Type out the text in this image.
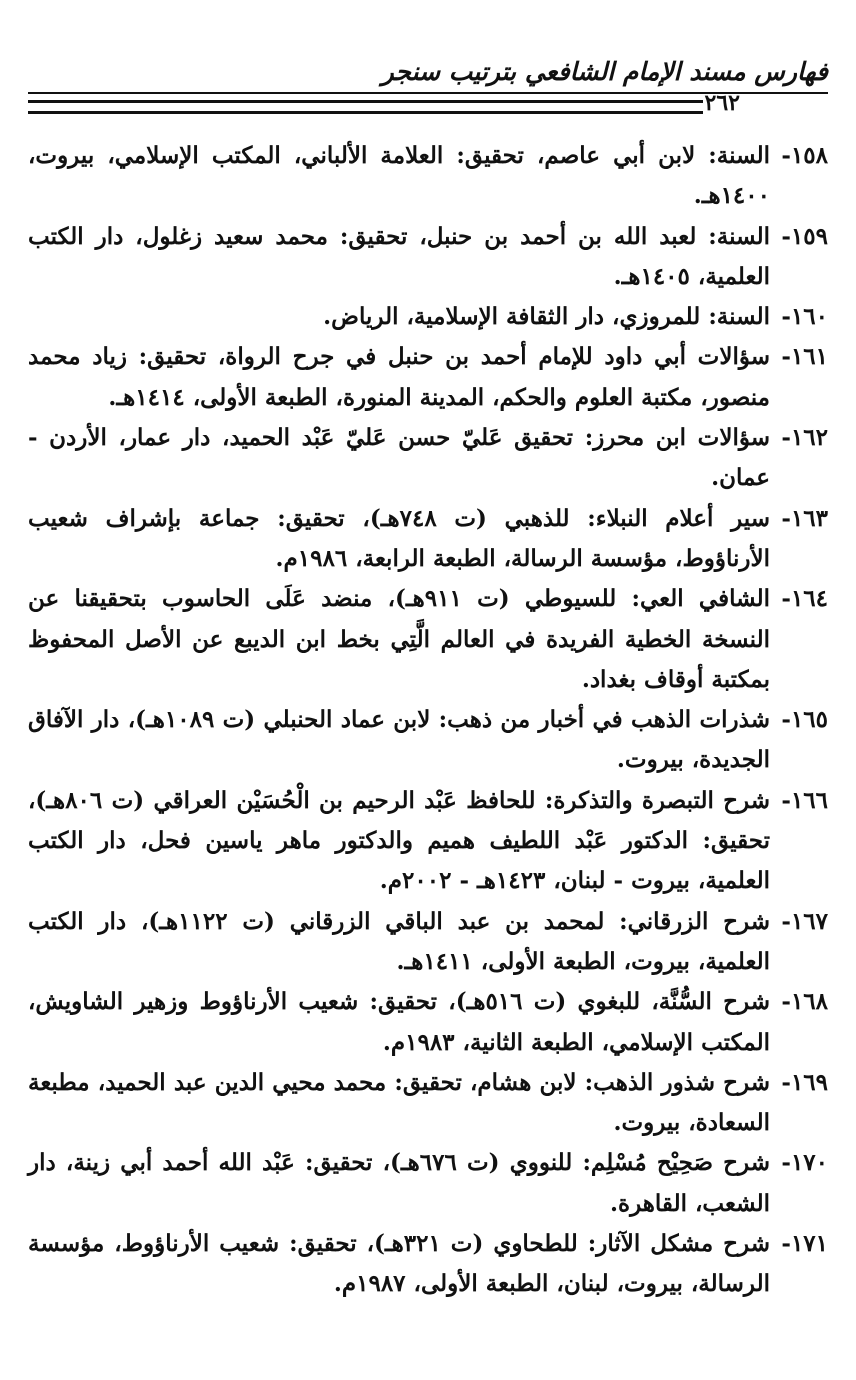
فهارس مسند الإمام الشافعي بترتيب سنجر
٢٦٢
١٥٨-
السنة: لابن أبي عاصم، تحقيق: العلامة الألباني، المكتب الإسلامي، بيروت، ١٤٠٠هـ.
١٥٩-
السنة: لعبد الله بن أحمد بن حنبل، تحقيق: محمد سعيد زغلول، دار الكتب العلمية، ١٤٠٥هـ.
١٦٠-
السنة: للمروزي، دار الثقافة الإسلامية، الرياض.
١٦١-
سؤالات أبي داود للإمام أحمد بن حنبل في جرح الرواة، تحقيق: زياد محمد منصور، مكتبة العلوم والحكم، المدينة المنورة، الطبعة الأولى، ١٤١٤هـ.
١٦٢-
سؤالات ابن محرز: تحقيق عَليّ حسن عَليّ عَبْد الحميد، دار عمار، الأردن - عمان.
١٦٣-
سير أعلام النبلاء: للذهبي (ت ٧٤٨هـ)، تحقيق: جماعة بإشراف شعيب الأرناؤوط، مؤسسة الرسالة، الطبعة الرابعة، ١٩٨٦م.
١٦٤-
الشافي العي: للسيوطي (ت ٩١١هـ)، منضد عَلَى الحاسوب بتحقيقنا عن النسخة الخطية الفريدة في العالم الَّتِي بخط ابن الديبع عن الأصل المحفوظ بمكتبة أوقاف بغداد.
١٦٥-
شذرات الذهب في أخبار من ذهب: لابن عماد الحنبلي (ت ١٠٨٩هـ)، دار الآفاق الجديدة، بيروت.
١٦٦-
شرح التبصرة والتذكرة: للحافظ عَبْد الرحيم بن الْحُسَيْن العراقي (ت ٨٠٦هـ)، تحقيق: الدكتور عَبْد اللطيف هميم والدكتور ماهر ياسين فحل، دار الكتب العلمية، بيروت - لبنان، ١٤٢٣هـ - ٢٠٠٢م.
١٦٧-
شرح الزرقاني: لمحمد بن عبد الباقي الزرقاني (ت ١١٢٢هـ)، دار الكتب العلمية، بيروت، الطبعة الأولى، ١٤١١هـ.
١٦٨-
شرح السُّنَّة، للبغوي (ت ٥١٦هـ)، تحقيق: شعيب الأرناؤوط وزهير الشاويش، المكتب الإسلامي، الطبعة الثانية، ١٩٨٣م.
١٦٩-
شرح شذور الذهب: لابن هشام، تحقيق: محمد محيي الدين عبد الحميد، مطبعة السعادة، بيروت.
١٧٠-
شرح صَحِيْح مُسْلِم: للنووي (ت ٦٧٦هـ)، تحقيق: عَبْد الله أحمد أبي زينة، دار الشعب، القاهرة.
١٧١-
شرح مشكل الآثار: للطحاوي (ت ٣٢١هـ)، تحقيق: شعيب الأرناؤوط، مؤسسة الرسالة، بيروت، لبنان، الطبعة الأولى، ١٩٨٧م.
